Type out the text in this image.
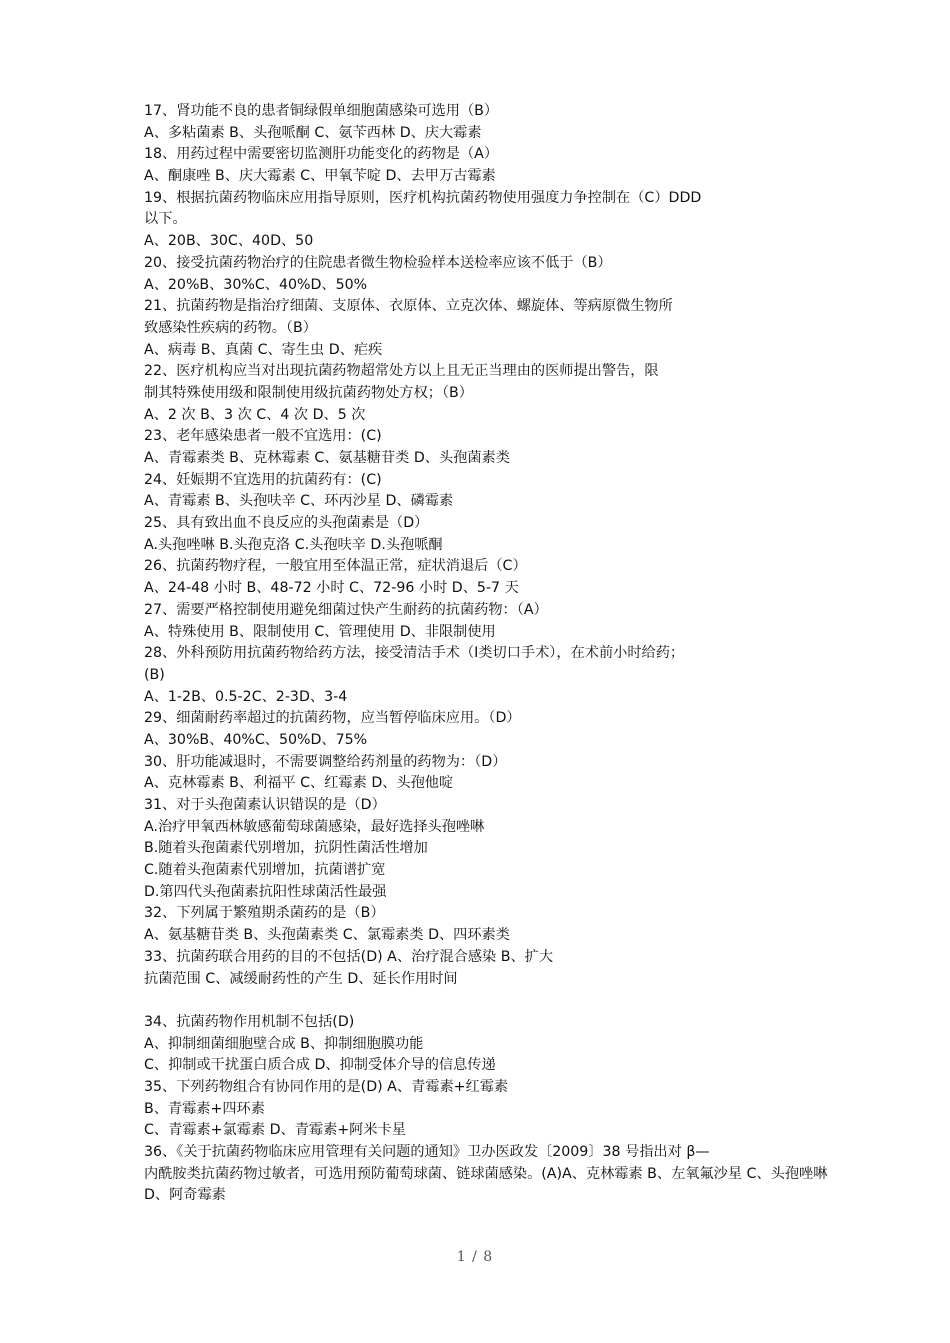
17、肾功能不良的患者铜绿假单细胞菌感染可选用（B）
A、多粘菌素 B、头孢哌酮 C、氨苄西林 D、庆大霉素
18、用药过程中需要密切监测肝功能变化的药物是（A）
A、酮康唑 B、庆大霉素 C、甲氧苄啶 D、去甲万古霉素
19、根据抗菌药物临床应用指导原则，医疗机构抗菌药物使用强度力争控制在（C）DDD
以下。
A、20B、30C、40D、50
20、接受抗菌药物治疗的住院患者微生物检验样本送检率应该不低于（B）
A、20%B、30%C、40%D、50%
21、抗菌药物是指治疗细菌、支原体、衣原体、立克次体、螺旋体、等病原微生物所
致感染性疾病的药物。（B）
A、病毒 B、真菌 C、寄生虫 D、疟疾
22、医疗机构应当对出现抗菌药物超常处方以上且无正当理由的医师提出警告，限
制其特殊使用级和限制使用级抗菌药物处方权；（B）
A、2 次 B、3 次 C、4 次 D、5 次
23、老年感染患者一般不宜选用：(C)
A、青霉素类 B、克林霉素 C、氨基糖苷类 D、头孢菌素类
24、妊娠期不宜选用的抗菌药有：(C)
A、青霉素 B、头孢呋辛 C、环丙沙星 D、磷霉素
25、具有致出血不良反应的头孢菌素是（D）
A.头孢唑啉 B.头孢克洛 C.头孢呋辛 D.头孢哌酮
26、抗菌药物疗程，一般宜用至体温正常，症状消退后（C）
A、24-48 小时 B、48-72 小时 C、72-96 小时 D、5-7 天
27、需要严格控制使用避免细菌过快产生耐药的抗菌药物：（A）
A、特殊使用 B、限制使用 C、管理使用 D、非限制使用
28、外科预防用抗菌药物给药方法，接受清洁手术（Ⅰ类切口手术），在术前小时给药；
(B)
A、1-2B、0.5-2C、2-3D、3-4
29、细菌耐药率超过的抗菌药物，应当暂停临床应用。（D）
A、30%B、40%C、50%D、75%
30、肝功能减退时，不需要调整给药剂量的药物为：（D）
A、克林霉素 B、利福平 C、红霉素 D、头孢他啶
31、对于头孢菌素认识错误的是（D）
A.治疗甲氧西林敏感葡萄球菌感染，最好选择头孢唑啉
B.随着头孢菌素代别增加，抗阴性菌活性增加
C.随着头孢菌素代别增加，抗菌谱扩宽
D.第四代头孢菌素抗阳性球菌活性最强
32、下列属于繁殖期杀菌药的是（B）
A、氨基糖苷类 B、头孢菌素类 C、氯霉素类 D、四环素类
33、抗菌药联合用药的目的不包括(D) A、治疗混合感染 B、扩大
抗菌范围 C、减缓耐药性的产生 D、延长作用时间
34、抗菌药物作用机制不包括(D)
A、抑制细菌细胞壁合成 B、抑制细胞膜功能
C、抑制或干扰蛋白质合成 D、抑制受体介导的信息传递
35、下列药物组合有协同作用的是(D) A、青霉素+红霉素
B、青霉素+四环素
C、青霉素+氯霉素 D、青霉素+阿米卡星
36、《关于抗菌药物临床应用管理有关问题的通知》卫办医政发〔2009〕38 号指出对 β—
内酰胺类抗菌药物过敏者，可选用预防葡萄球菌、链球菌感染。(A)A、克林霉素 B、左氧氟沙星 C、头孢唑啉
D、阿奇霉素
1 / 8
